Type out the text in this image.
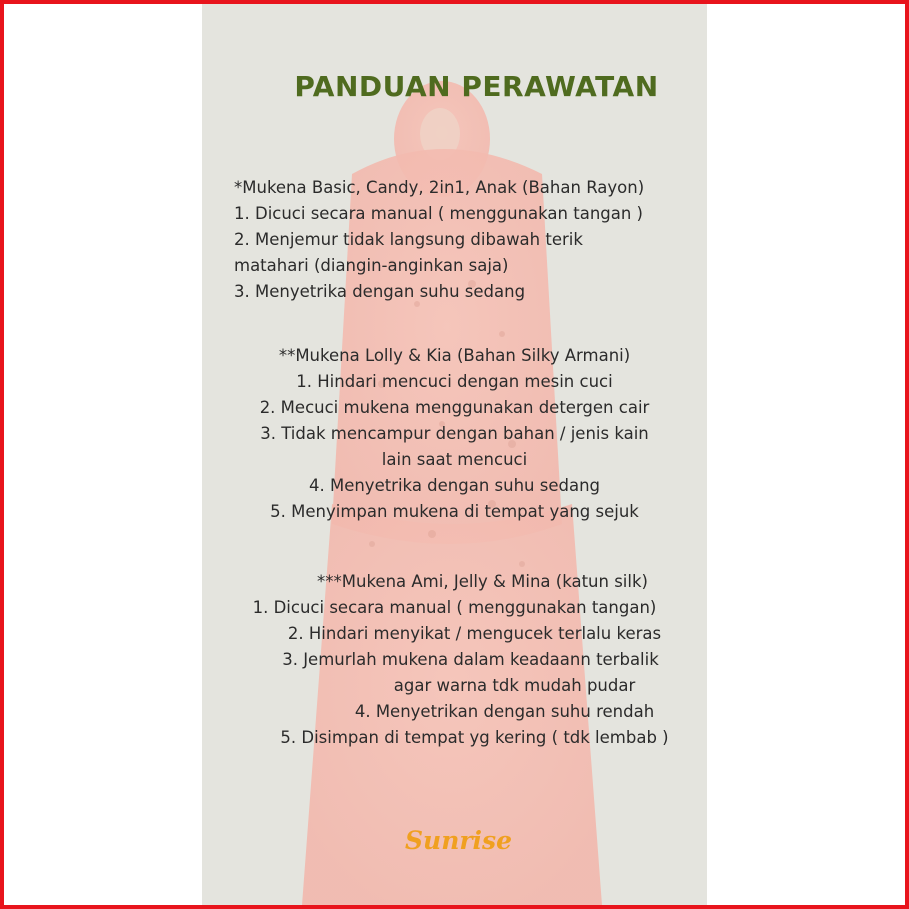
PANDUAN PERAWATAN
*Mukena Basic, Candy, 2in1, Anak (Bahan Rayon)
1. Dicuci secara manual ( menggunakan tangan )
2. Menjemur tidak langsung dibawah terik
matahari (diangin-anginkan saja)
3. Menyetrika dengan suhu sedang
**Mukena Lolly & Kia (Bahan Silky Armani)
1. Hindari mencuci dengan mesin cuci
2. Mecuci mukena menggunakan detergen cair
3. Tidak mencampur dengan bahan / jenis kain
lain saat mencuci
4. Menyetrika dengan suhu sedang
5. Menyimpan mukena di tempat yang sejuk
***Mukena Ami, Jelly & Mina (katun silk)
1. Dicuci secara manual ( menggunakan tangan)
2. Hindari menyikat / mengucek terlalu keras
3. Jemurlah mukena dalam keadaann terbalik
agar warna tdk mudah pudar
4. Menyetrikan dengan suhu rendah
5. Disimpan di tempat yg kering ( tdk lembab )
Sunrise
